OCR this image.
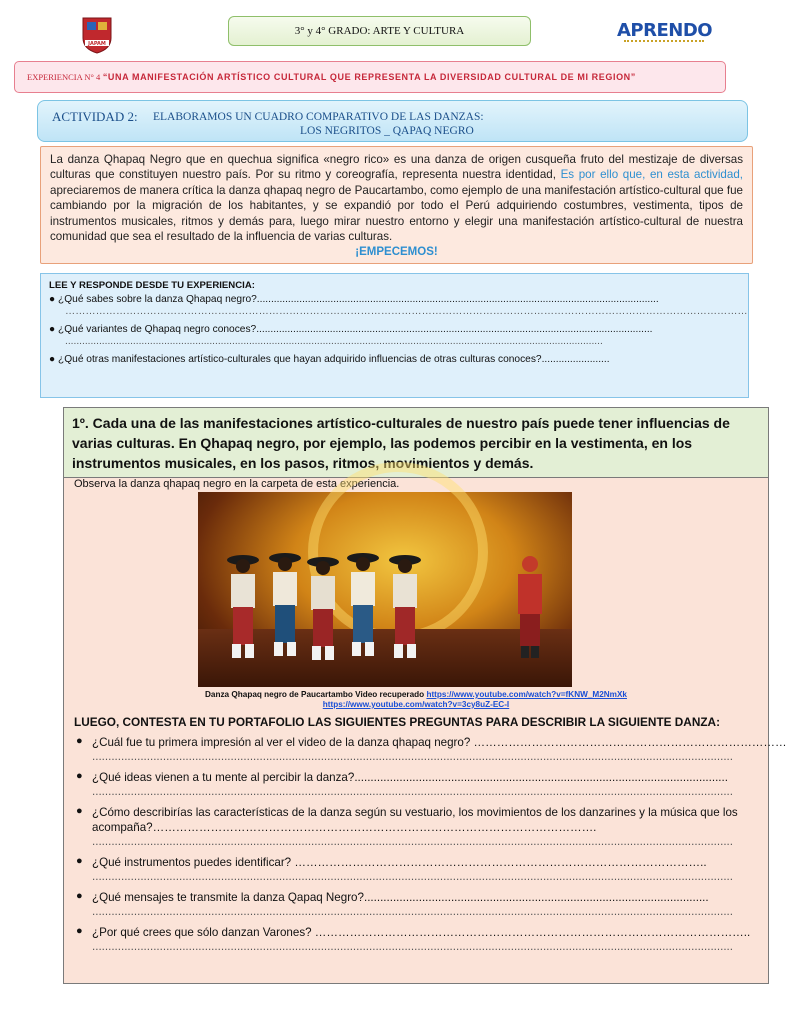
JAPAM
3° y 4° GRADO: ARTE Y CULTURA	APRENDO
EXPERIENCIA N° 4 “UNA MANIFESTACIÓN ARTÍSTICO CULTURAL QUE REPRESENTA LA DIVERSIDAD CULTURAL DE MI REGION”
ACTIVIDAD 2: ELABORAMOS UN CUADRO COMPARATIVO DE LAS DANZAS:
LOS NEGRITOS _ QAPAQ NEGRO
La danza Qhapaq Negro que en quechua significa «negro rico» es una danza de origen cusqueña fruto del mestizaje de diversas culturas que constituyen nuestro país. Por su ritmo y coreografía, representa nuestra identidad, Es por ello que, en esta actividad, apreciaremos de manera crítica la danza qhapaq negro de Paucartambo, como ejemplo de una manifestación artístico-cultural que fue cambiando por la migración de los habitantes, y se expandió por todo el Perú adquiriendo costumbres, vestimenta, tipos de instrumentos musicales, ritmos y demás para, luego mirar nuestro entorno y elegir una manifestación artístico-cultural de nuestra comunidad que sea el resultado de la influencia de varias culturas.
¡EMPECEMOS!
LEE Y RESPONDE DESDE TU EXPERIENCIA:
● ¿Qué sabes sobre la danza Qhapaq negro?..............................................................................................................................................
…………………………………………………………………………………………………………………………………………………………………………………
● ¿Qué variantes de Qhapaq negro conoces?............................................................................................................................................
..............................................................................................................................................................................................
● ¿Qué otras manifestaciones artístico-culturales que hayan adquirido influencias de otras culturas conoces?........................
1º. Cada una de las manifestaciones artístico-culturales de nuestro país puede tener influencias de varias culturas. En Qhapaq negro, por ejemplo, las podemos percibir en la vestimenta, en los instrumentos musicales, en los pasos, ritmos, movimientos y demás.
Observa la danza qhapaq negro en la carpeta de esta experiencia.
Danza Qhapaq negro de Paucartambo Video recuperado https://www.youtube.com/watch?v=fKNW_M2NmXk
https://www.youtube.com/watch?v=3cy8uZ-EC-I
LUEGO, CONTESTA EN TU PORTAFOLIO LAS SIGUIENTES PREGUNTAS PARA DESCRIBIR LA SIGUIENTE DANZA:
● ¿Cuál fue tu primera impresión al ver el video de la danza qhapaq negro? ………………………………………………………………………
.......................................................................................................................................................................................................
● ¿Qué ideas vienen a tu mente al percibir la danza?....................................................................................................................
.......................................................................................................................................................................................................
● ¿Cómo describirías las características de la danza según su vestuario, los movimientos de los danzarines y la música que los acompaña?…………………………………………………………………………………………………….
.......................................................................................................................................................................................................
● ¿Qué instrumentos puedes identificar? ……………………………………………………………………………………………..
.......................................................................................................................................................................................................
● ¿Qué mensajes te transmite la danza Qapaq Negro?...........................................................................................................
.......................................................................................................................................................................................................
● ¿Por qué crees que sólo danzan Varones? …………………………………………………………………………………………………..
.......................................................................................................................................................................................................
